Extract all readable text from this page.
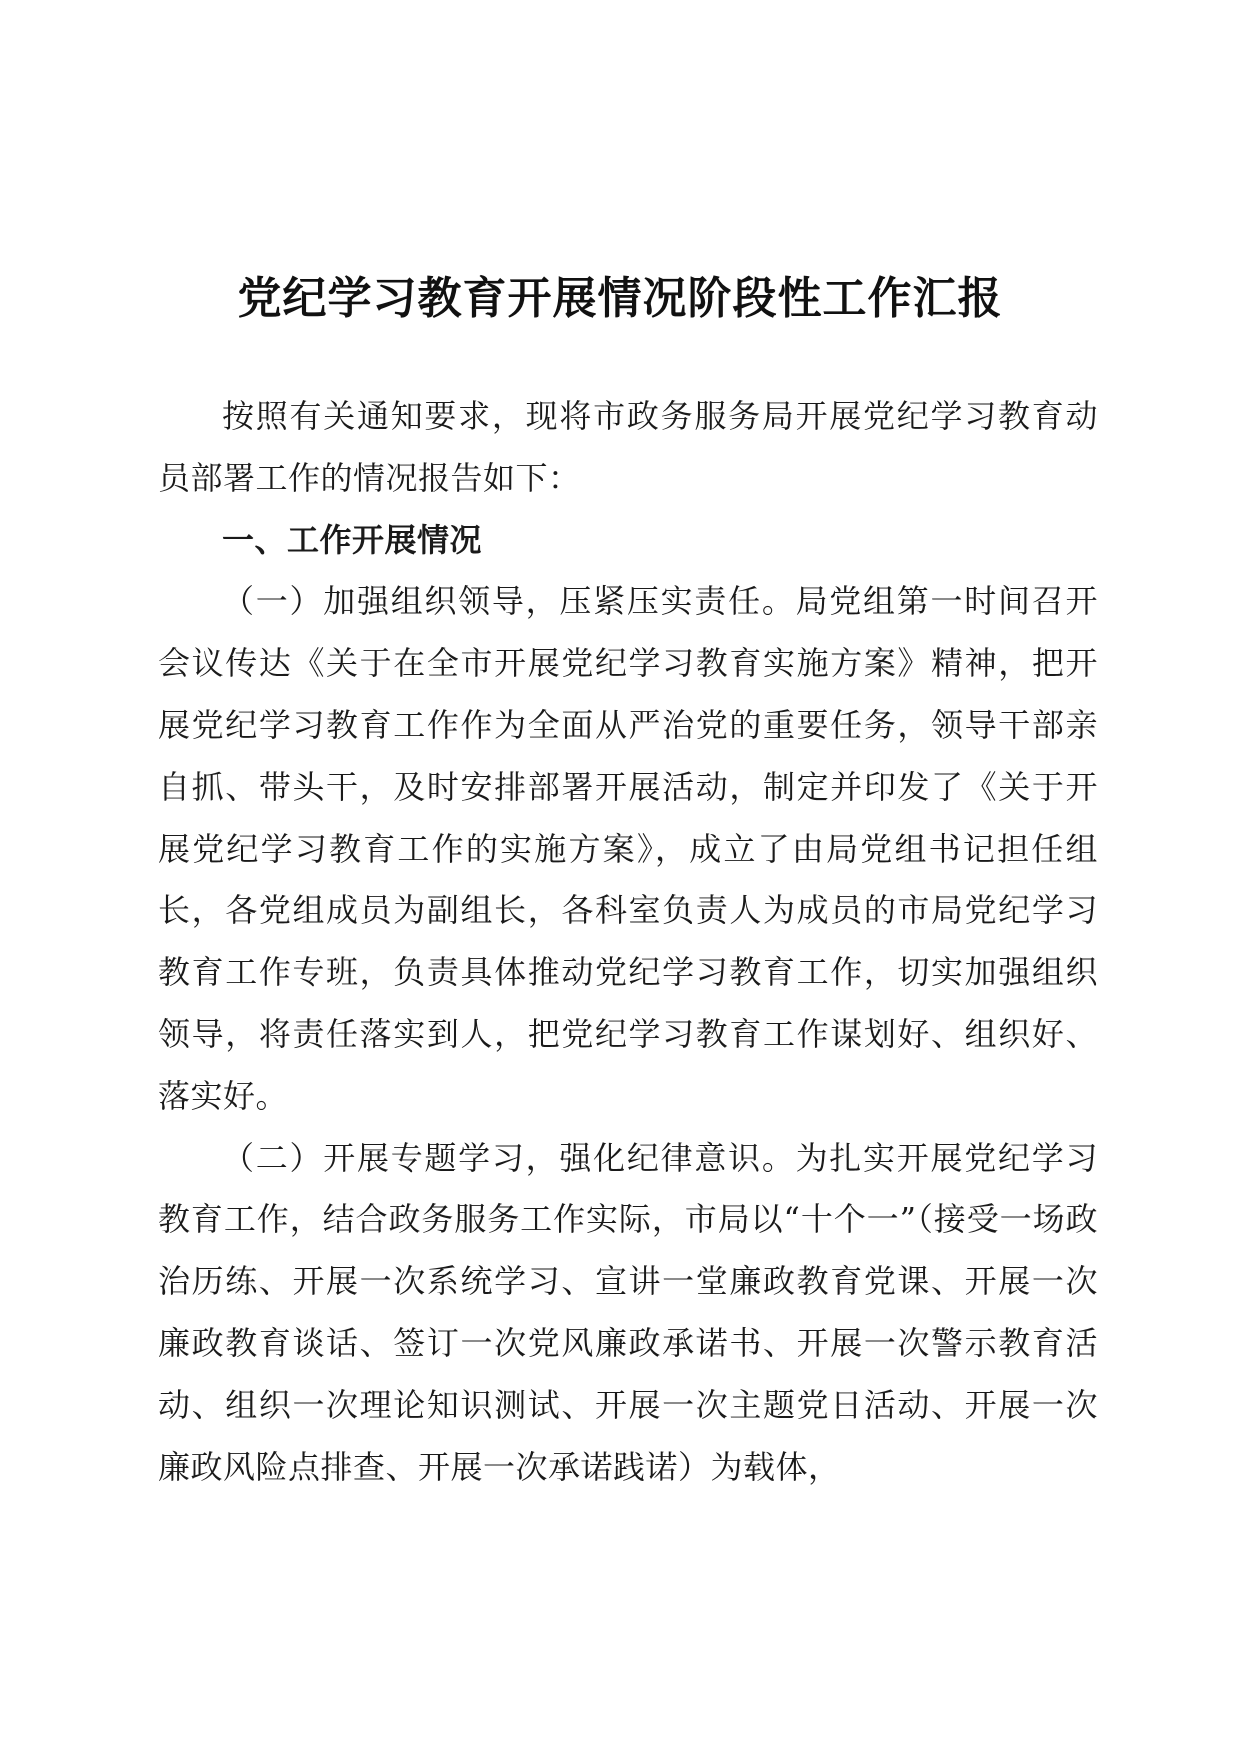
党纪学习教育开展情况阶段性工作汇报

按照有关通知要求，现将市政务服务局开展党纪学习教育动员部署工作的情况报告如下：

一、工作开展情况

（一）加强组织领导，压紧压实责任。局党组第一时间召开会议传达《关于在全市开展党纪学习教育实施方案》精神，把开展党纪学习教育工作作为全面从严治党的重要任务，领导干部亲自抓、带头干，及时安排部署开展活动，制定并印发了《关于开展党纪学习教育工作的实施方案》，成立了由局党组书记担任组长，各党组成员为副组长，各科室负责人为成员的市局党纪学习教育工作专班，负责具体推动党纪学习教育工作，切实加强组织领导，将责任落实到人，把党纪学习教育工作谋划好、组织好、落实好。

（二）开展专题学习，强化纪律意识。为扎实开展党纪学习教育工作，结合政务服务工作实际，市局以“十个一”（接受一场政治历练、开展一次系统学习、宣讲一堂廉政教育党课、开展一次廉政教育谈话、签订一次党风廉政承诺书、开展一次警示教育活动、组织一次理论知识测试、开展一次主题党日活动、开展一次廉政风险点排查、开展一次承诺践诺）为载体，
